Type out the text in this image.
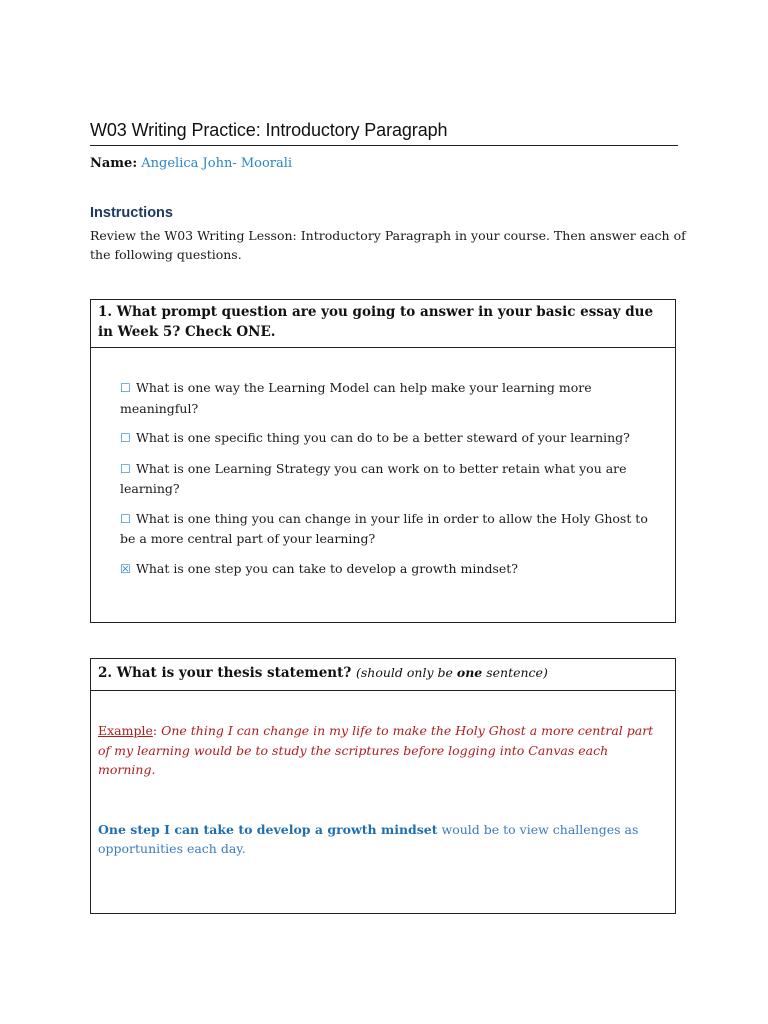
W03 Writing Practice: Introductory Paragraph
Name: Angelica John- Moorali
Instructions
Review the W03 Writing Lesson: Introductory Paragraph in your course. Then answer each of the following questions.
1. What prompt question are you going to answer in your basic essay due in Week 5? Check ONE.
☐ What is one way the Learning Model can help make your learning more meaningful?
☐ What is one specific thing you can do to be a better steward of your learning?
☐ What is one Learning Strategy you can work on to better retain what you are learning?
☐ What is one thing you can change in your life in order to allow the Holy Ghost to be a more central part of your learning?
☒ What is one step you can take to develop a growth mindset?
2. What is your thesis statement? (should only be one sentence)
Example: One thing I can change in my life to make the Holy Ghost a more central part of my learning would be to study the scriptures before logging into Canvas each morning.
One step I can take to develop a growth mindset would be to view challenges as opportunities each day.
